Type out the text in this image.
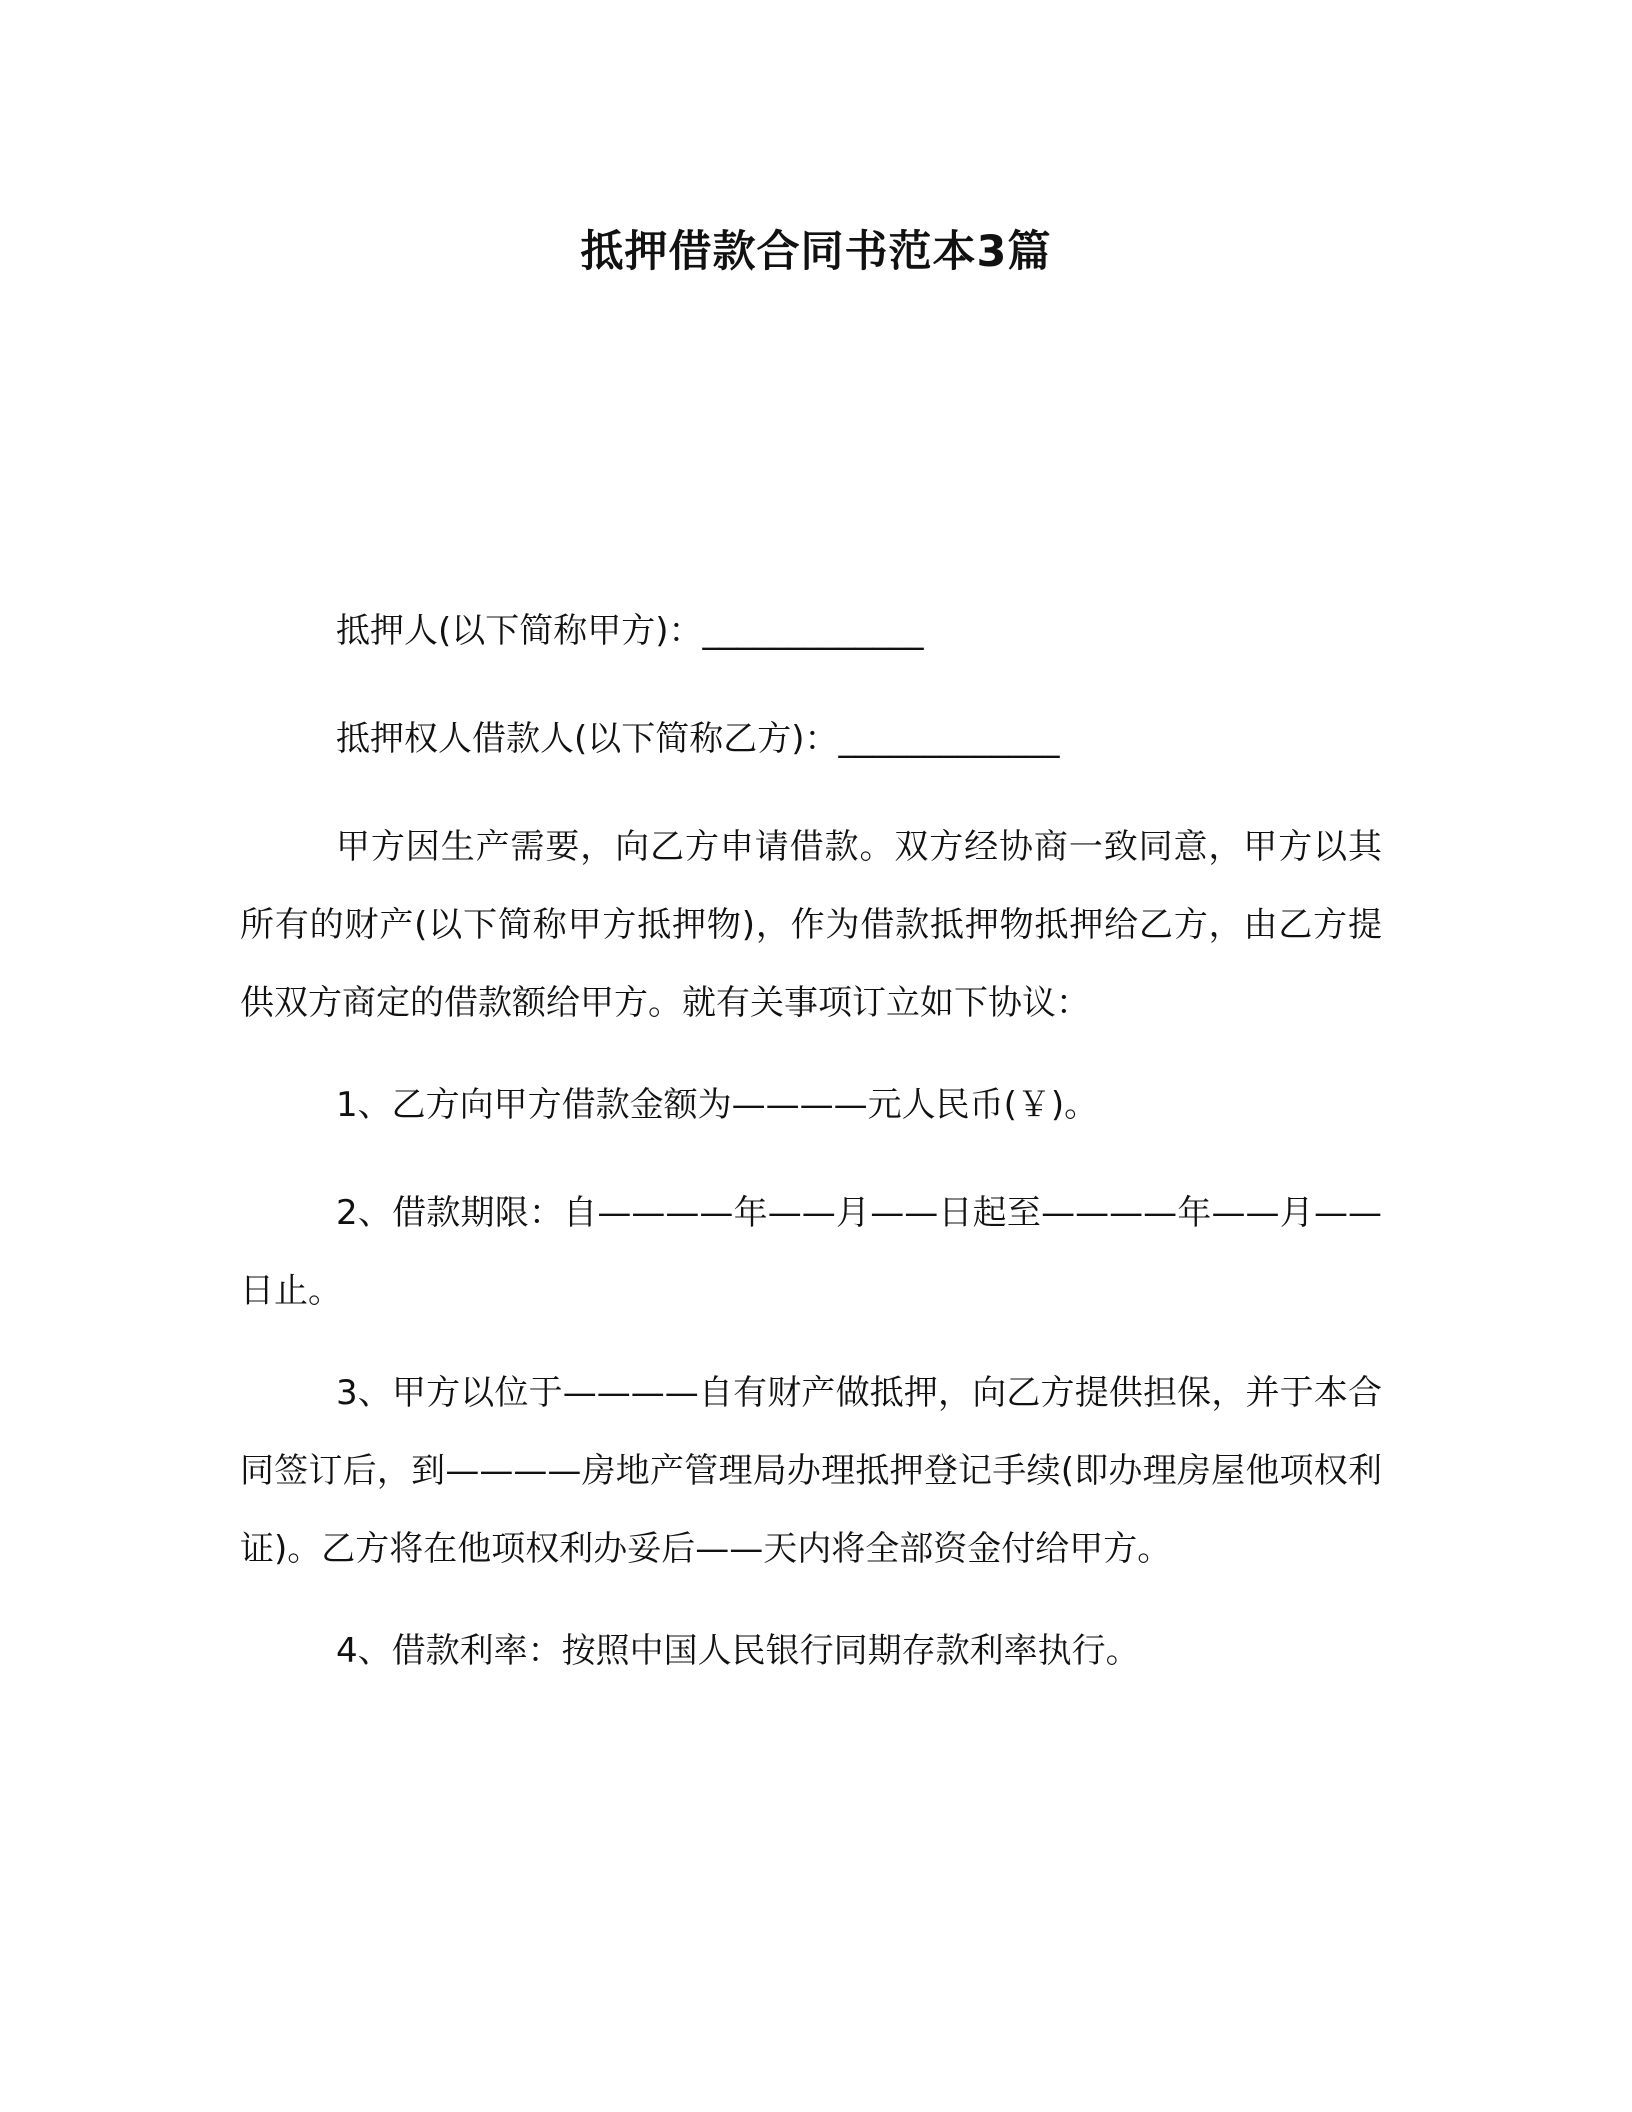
抵押借款合同书范本3篇

抵押人(以下简称甲方)：_____________

抵押权人借款人(以下简称乙方)：_____________

甲方因生产需要，向乙方申请借款。双方经协商一致同意，甲方以其所有的财产(以下简称甲方抵押物)，作为借款抵押物抵押给乙方，由乙方提供双方商定的借款额给甲方。就有关事项订立如下协议：

1、乙方向甲方借款金额为————元人民币(￥)。

2、借款期限：自————年——月——日起至————年——月——日止。

3、甲方以位于————自有财产做抵押，向乙方提供担保，并于本合同签订后，到————房地产管理局办理抵押登记手续(即办理房屋他项权利证)。乙方将在他项权利办妥后——天内将全部资金付给甲方。

4、借款利率：按照中国人民银行同期存款利率执行。
